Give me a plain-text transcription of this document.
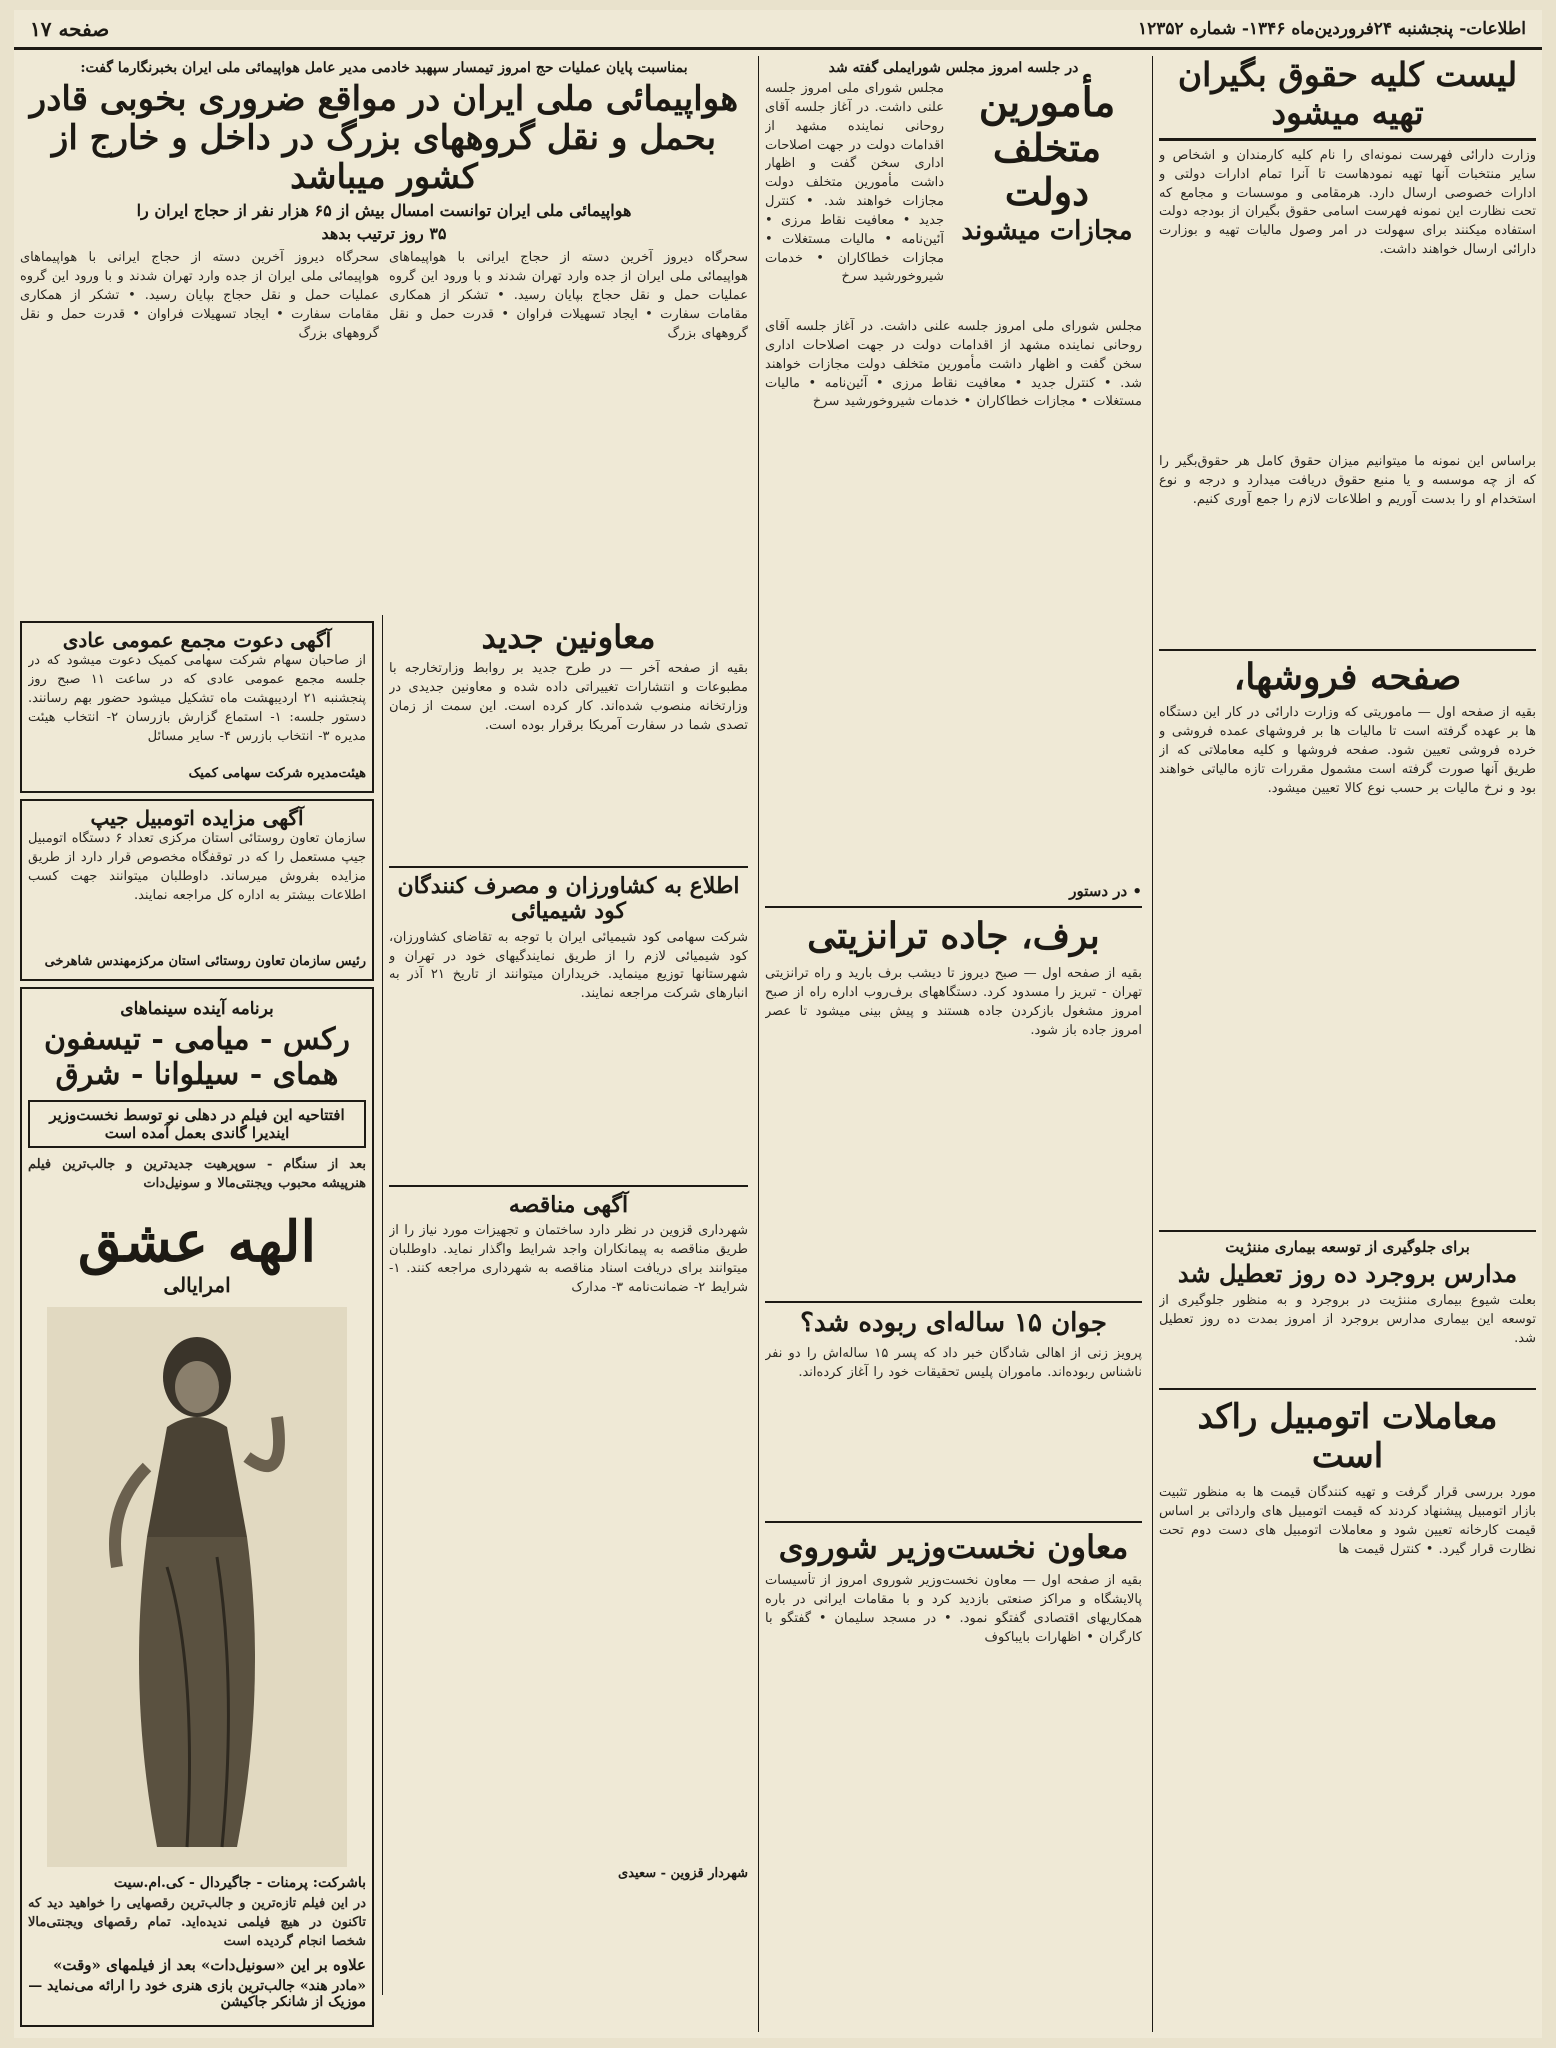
اطلاعات- پنجشنبه ۲۴فروردین‌ماه ۱۳۴۶- شماره ۱۲۳۵۲
صفحه ۱۷
لیست کلیه حقوق بگیران تهیه میشود
وزارت دارائی فهرست نمونه‌ای را نام کلیه کارمندان و اشخاص و سایر منتخبات آنها تهیه نمودهاست تا آنرا تمام ادارات دولتی و ادارات خصوصی ارسال دارد. هرمقامی و موسسات و مجامع که تحت نظارت این نمونه فهرست اسامی حقوق بگیران از بودجه دولت استفاده میکنند برای سهولت در امر وصول مالیات تهیه و بوزارت دارائی ارسال خواهند داشت.
براساس این نمونه ما میتوانیم میزان حقوق کامل هر حقوق‌بگیر را که از چه موسسه و یا منبع حقوق دریافت میدارد و درجه و نوع استخدام او را بدست آوریم و اطلاعات لازم را جمع آوری کنیم.
صفحه فروشها،
بقیه از صفحه اول — ماموریتی که وزارت دارائی در کار این دستگاه ها بر عهده گرفته است تا مالیات ها بر فروشهای عمده فروشی و خرده فروشی تعیین شود. صفحه فروشها و کلیه معاملاتی که از طریق آنها صورت گرفته است مشمول مقررات تازه مالیاتی خواهند بود و نرخ مالیات بر حسب نوع کالا تعیین میشود.
برای جلوگیری از توسعه بیماری مننژیت
مدارس بروجرد ده روز تعطیل شد
بعلت شیوع بیماری مننژیت در بروجرد و به منظور جلوگیری از توسعه این بیماری مدارس بروجرد از امروز بمدت ده روز تعطیل شد.
معاملات اتومبیل راکد است
مورد بررسی قرار گرفت و تهیه کنندگان قیمت ها به منظور تثبیت بازار اتومبیل پیشنهاد کردند که قیمت اتومبیل های وارداتی بر اساس قیمت کارخانه تعیین شود و معاملات اتومبیل های دست دوم تحت نظارت قرار گیرد. • کنترل قیمت ها
در جلسه امروز مجلس شورایملی گفته شد
مأمورین
متخلف دولت
مجازات میشوند
مجلس شورای ملی امروز جلسه علنی داشت. در آغاز جلسه آقای روحانی نماینده مشهد از اقدامات دولت در جهت اصلاحات اداری سخن گفت و اظهار داشت مأمورین متخلف دولت مجازات خواهند شد. • کنترل جدید • معافیت نقاط مرزی • آئین‌نامه • مالیات مستغلات • مجازات خطاکاران • خدمات شیروخورشید سرخ
مجلس شورای ملی امروز جلسه علنی داشت. در آغاز جلسه آقای روحانی نماینده مشهد از اقدامات دولت در جهت اصلاحات اداری سخن گفت و اظهار داشت مأمورین متخلف دولت مجازات خواهند شد. • کنترل جدید • معافیت نقاط مرزی • آئین‌نامه • مالیات مستغلات • مجازات خطاکاران • خدمات شیروخورشید سرخ
• در دستور
برف، جاده ترانزیتی
بقیه از صفحه اول — صبح دیروز تا دیشب برف بارید و راه ترانزیتی تهران - تبریز را مسدود کرد. دستگاههای برف‌روب اداره راه از صبح امروز مشغول بازکردن جاده هستند و پیش بینی میشود تا عصر امروز جاده باز شود.
جوان ۱۵ ساله‌ای ربوده شد؟
پرویز زنی از اهالی شادگان خبر داد که پسر ۱۵ ساله‌اش را دو نفر ناشناس ربوده‌اند. ماموران پلیس تحقیقات خود را آغاز کرده‌اند.
معاون نخست‌وزیر شوروی
بقیه از صفحه اول — معاون نخست‌وزیر شوروی امروز از تأسیسات پالایشگاه و مراکز صنعتی بازدید کرد و با مقامات ایرانی در باره همکاریهای اقتصادی گفتگو نمود. • در مسجد سلیمان • گفتگو با کارگران • اظهارات بایباکوف
بمناسبت پایان عملیات حج امروز تیمسار سپهبد خادمی مدیر عامل هواپیمائی ملی ایران بخبرنگارما گفت:
هواپیمائی ملی ایران در مواقع ضروری بخوبی قادر
بحمل و نقل گروههای بزرگ در داخل و خارج از کشور میباشد
هواپیمائی ملی ایران توانست امسال بیش از ۶۵ هزار نفر از حجاج ایران را
۳۵ روز ترتیب بدهد
سحرگاه دیروز آخرین دسته از حجاج ایرانی با هواپیماهای هواپیمائی ملی ایران از جده وارد تهران شدند و با ورود این گروه عملیات حمل و نقل حجاج بپایان رسید. • تشکر از همکاری مقامات سفارت • ایجاد تسهیلات فراوان • قدرت حمل و نقل گروههای بزرگ
سحرگاه دیروز آخرین دسته از حجاج ایرانی با هواپیماهای هواپیمائی ملی ایران از جده وارد تهران شدند و با ورود این گروه عملیات حمل و نقل حجاج بپایان رسید. • تشکر از همکاری مقامات سفارت • ایجاد تسهیلات فراوان • قدرت حمل و نقل گروههای بزرگ
معاونین جدید
بقیه از صفحه آخر — در طرح جدید بر روابط وزارتخارجه با مطبوعات و انتشارات تغییراتی داده شده و معاونین جدیدی در وزارتخانه منصوب شده‌اند. کار کرده است. این سمت از زمان تصدی شما در سفارت آمریکا برقرار بوده است.
اطلاع به کشاورزان و مصرف کنندگان کود شیمیائی
شرکت سهامی کود شیمیائی ایران با توجه به تقاضای کشاورزان، کود شیمیائی لازم را از طریق نمایندگیهای خود در تهران و شهرستانها توزیع مینماید. خریداران میتوانند از تاریخ ۲۱ آذر به انبارهای شرکت مراجعه نمایند.
آگهی مناقصه
شهرداری قزوین در نظر دارد ساختمان و تجهیزات مورد نیاز را از طریق مناقصه به پیمانکاران واجد شرایط واگذار نماید. داوطلبان میتوانند برای دریافت اسناد مناقصه به شهرداری مراجعه کنند. ۱- شرایط ۲- ضمانت‌نامه ۳- مدارک
شهردار قزوین - سعیدی
آگهی دعوت مجمع عمومی عادی
از صاحبان سهام شرکت سهامی کمیک دعوت میشود که در جلسه مجمع عمومی عادی که در ساعت ۱۱ صبح روز پنجشنبه ۲۱ اردیبهشت ماه تشکیل میشود حضور بهم رسانند. دستور جلسه: ۱- استماع گزارش بازرسان ۲- انتخاب هیئت مدیره ۳- انتخاب بازرس ۴- سایر مسائل
هیئت‌مدیره شرکت سهامی کمیک
آگهی مزایده اتومبیل جیپ
سازمان تعاون روستائی استان مرکزی تعداد ۶ دستگاه اتومبیل جیپ مستعمل را که در توقفگاه مخصوص قرار دارد از طریق مزایده بفروش میرساند. داوطلبان میتوانند جهت کسب اطلاعات بیشتر به اداره کل مراجعه نمایند.
رئیس سازمان تعاون روستائی استان مرکزمهندس شاهرخی
برنامه آینده سینماهای
رکس - میامی - تیسفون
همای - سیلوانا - شرق
افتتاحیه این فیلم در دهلی نو توسط نخست‌وزیر
ایندیرا گاندی بعمل آمده است
بعد از سنگام - سوپرهیت جدیدترین و جالب‌ترین فیلم هنرپیشه محبوب ویجنتی‌مالا و سونیل‌دات
الهه عشق
امرایالی
باشرکت: پرمنات - جاگیردال - کی.ام.سیت
در این فیلم تازه‌ترین و جالب‌ترین رقصهایی را خواهید دید که تاکنون در هیچ فیلمی ندیده‌اید. تمام رقصهای ویجنتی‌مالا شخصا انجام گردیده است
علاوه بر این «سونیل‌دات» بعد از فیلمهای «وقت»
«مادر هند» جالب‌ترین بازی هنری خود را ارائه می‌نماید — موزیک از شانکر جاکیشن
